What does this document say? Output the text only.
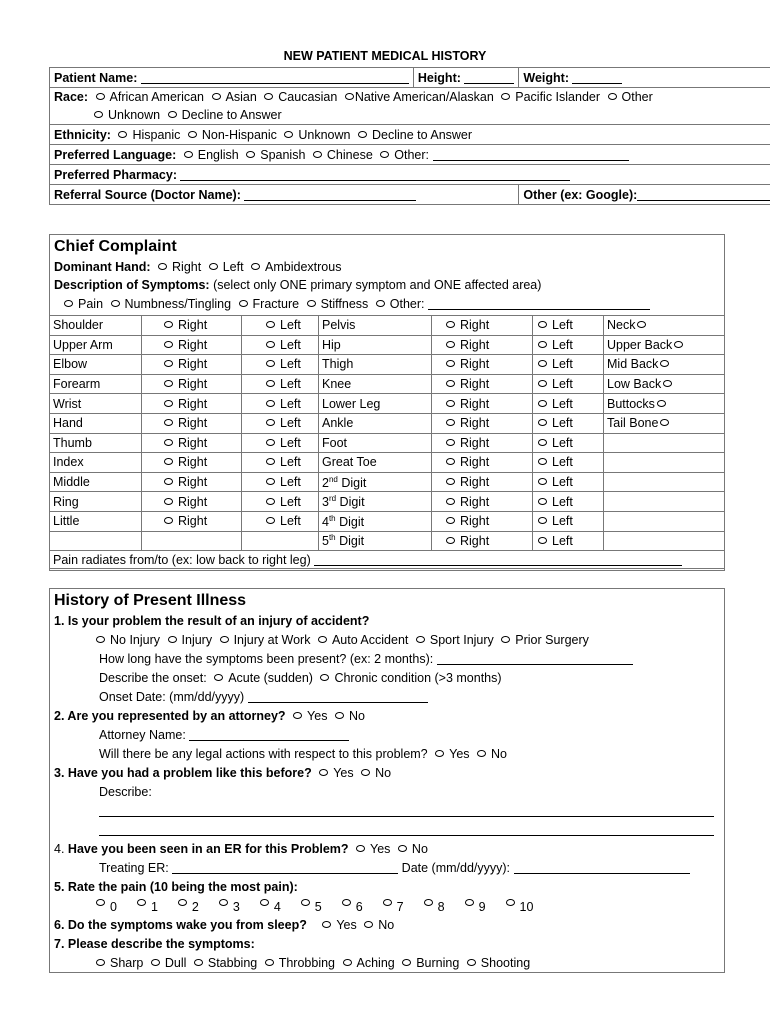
NEW PATIENT MEDICAL HISTORY
Patient Name:	Height:	Weight:
Race: African American Asian Caucasian Native American/Alaskan Pacific Islander Other
Unknown Decline to Answer		
Ethnicity: Hispanic Non-Hispanic Unknown Decline to Answer		
Preferred Language: English Spanish Chinese Other:		
Preferred Pharmacy:		
Referral Source (Doctor Name):		Other (ex: Google):
Chief Complaint
Dominant Hand: Right Left Ambidextrous
Description of Symptoms: (select only ONE primary symptom and ONE affected area)
Pain Numbness/Tingling Fracture Stiffness Other:
Shoulder	Right	Left	Pelvis	Right	Left	Neck
Upper Arm	Right	Left	Hip	Right	Left	Upper Back
Elbow	Right	Left	Thigh	Right	Left	Mid Back
Forearm	Right	Left	Knee	Right	Left	Low Back
Wrist	Right	Left	Lower Leg	Right	Left	Buttocks
Hand	Right	Left	Ankle	Right	Left	Tail Bone
Thumb	Right	Left	Foot	Right	Left	
Index	Right	Left	Great Toe	Right	Left	
Middle	Right	Left	2nd Digit	Right	Left	
Ring	Right	Left	3rd Digit	Right	Left	
Little	Right	Left	4th Digit	Right	Left	
			5th Digit	Right	Left	
Pain radiates from/to (ex: low back to right leg)						
History of Present Illness
1. Is your problem the result of an injury of accident?
No Injury Injury Injury at Work Auto Accident Sport Injury Prior Surgery
How long have the symptoms been present? (ex: 2 months):
Describe the onset: Acute (sudden) Chronic condition (>3 months)
Onset Date: (mm/dd/yyyy)
2. Are you represented by an attorney? Yes No
Attorney Name:
Will there be any legal actions with respect to this problem? Yes No
3. Have you had a problem like this before? Yes No
Describe:
4. Have you been seen in an ER for this Problem? Yes No
Treating ER:	Date (mm/dd/yyyy):
5. Rate the pain (10 being the most pain):
0	1	2	3	4	5	6	7	8	9	10
6. Do the symptoms wake you from sleep? Yes No
7. Please describe the symptoms:
Sharp Dull Stabbing Throbbing Aching Burning Shooting
